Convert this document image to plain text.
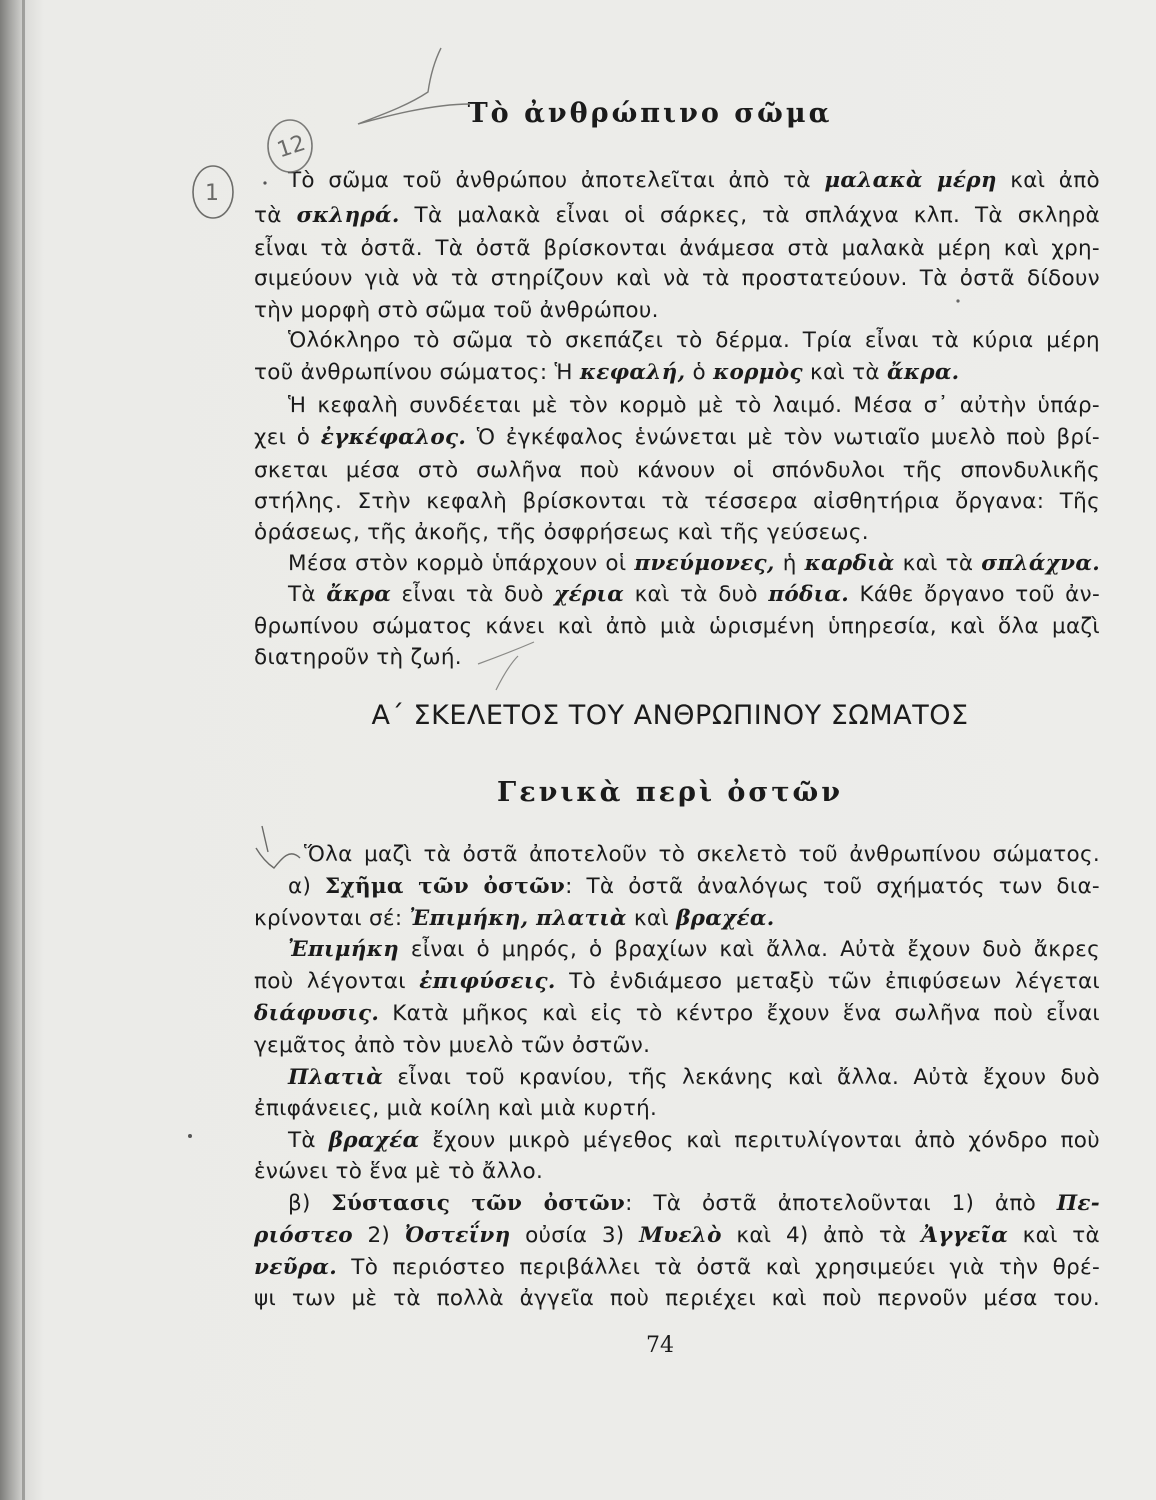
Τὸ ἀνθρώπινο σῶμα
Τὸ σῶμα τοῦ ἀνθρώπου ἀποτελεῖται ἀπὸ τὰ μαλακὰ μέρη καὶ ἀπὸ
τὰ σκληρά. Τὰ μαλακὰ εἶναι οἱ σάρκες, τὰ σπλάχνα κλπ. Τὰ σκληρὰ
εἶναι τὰ ὀστᾶ. Τὰ ὀστᾶ βρίσκονται ἀνάμεσα στὰ μαλακὰ μέρη καὶ χρη-
σιμεύουν γιὰ νὰ τὰ στηρίζουν καὶ νὰ τὰ προστατεύουν. Τὰ ὀστᾶ δίδουν
τὴν μορφὴ στὸ σῶμα τοῦ ἀνθρώπου.
Ὁλόκληρο τὸ σῶμα τὸ σκεπάζει τὸ δέρμα. Τρία εἶναι τὰ κύρια μέρη
τοῦ ἀνθρωπίνου σώματος: Ἡ κεφαλή, ὁ κορμὸς καὶ τὰ ἄκρα.
Ἡ κεφαλὴ συνδέεται μὲ τὸν κορμὸ μὲ τὸ λαιμό. Μέσα σ᾽ αὐτὴν ὑπάρ-
χει ὁ ἐγκέφαλος. Ὁ ἐγκέφαλος ἑνώνεται μὲ τὸν νωτιαῖο μυελὸ ποὺ βρί-
σκεται μέσα στὸ σωλῆνα ποὺ κάνουν οἱ σπόνδυλοι τῆς σπονδυλικῆς
στήλης. Στὴν κεφαλὴ βρίσκονται τὰ τέσσερα αἰσθητήρια ὄργανα: Τῆς
ὁράσεως, τῆς ἀκοῆς, τῆς ὀσφρήσεως καὶ τῆς γεύσεως.
Μέσα στὸν κορμὸ ὑπάρχουν οἱ πνεύμονες, ἡ καρδιὰ καὶ τὰ σπλάχνα.
Τὰ ἄκρα εἶναι τὰ δυὸ χέρια καὶ τὰ δυὸ πόδια. Κάθε ὄργανο τοῦ ἀν-
θρωπίνου σώματος κάνει καὶ ἀπὸ μιὰ ὡρισμένη ὑπηρεσία, καὶ ὅλα μαζὶ
διατηροῦν τὴ ζωή.
Α΄ ΣΚΕΛΕΤΟΣ ΤΟΥ ΑΝΘΡΩΠΙΝΟΥ ΣΩΜΑΤΟΣ
Γενικὰ περὶ ὀστῶν
Ὅλα μαζὶ τὰ ὀστᾶ ἀποτελοῦν τὸ σκελετὸ τοῦ ἀνθρωπίνου σώματος.
α) Σχῆμα τῶν ὀστῶν: Τὰ ὀστᾶ ἀναλόγως τοῦ σχήματός των δια-
κρίνονται σέ: Ἐπιμήκη, πλατιὰ καὶ βραχέα.
Ἐπιμήκη εἶναι ὁ μηρός, ὁ βραχίων καὶ ἄλλα. Αὐτὰ ἔχουν δυὸ ἄκρες
ποὺ λέγονται ἐπιφύσεις. Τὸ ἐνδιάμεσο μεταξὺ τῶν ἐπιφύσεων λέγεται
διάφυσις. Κατὰ μῆκος καὶ εἰς τὸ κέντρο ἔχουν ἕνα σωλῆνα ποὺ εἶναι
γεμᾶτος ἀπὸ τὸν μυελὸ τῶν ὀστῶν.
Πλατιὰ εἶναι τοῦ κρανίου, τῆς λεκάνης καὶ ἄλλα. Αὐτὰ ἔχουν δυὸ
ἐπιφάνειες, μιὰ κοίλη καὶ μιὰ κυρτή.
Τὰ βραχέα ἔχουν μικρὸ μέγεθος καὶ περιτυλίγονται ἀπὸ χόνδρο ποὺ
ἑνώνει τὸ ἕνα μὲ τὸ ἄλλο.
β) Σύστασις τῶν ὀστῶν: Τὰ ὀστᾶ ἀποτελοῦνται 1) ἀπὸ Πε-
ριόστεο 2) Ὀστεΐνη οὐσία 3) Μυελὸ καὶ 4) ἀπὸ τὰ Ἀγγεῖα καὶ τὰ
νεῦρα. Τὸ περιόστεο περιβάλλει τὰ ὀστᾶ καὶ χρησιμεύει γιὰ τὴν θρέ-
ψι των μὲ τὰ πολλὰ ἀγγεῖα ποὺ περιέχει καὶ ποὺ περνοῦν μέσα του.
74
12
1
